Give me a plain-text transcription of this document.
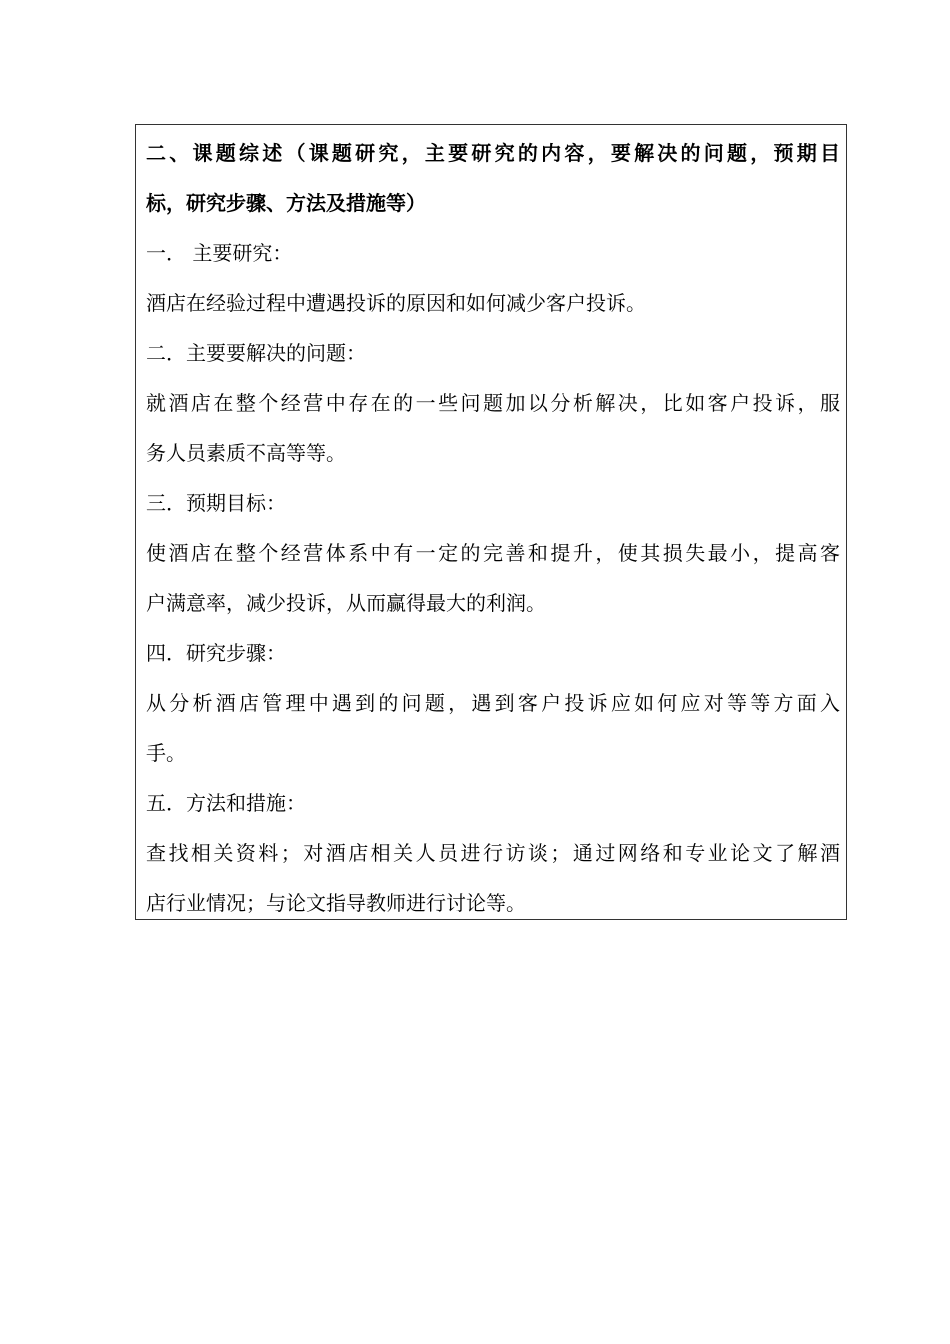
二、课题综述（课题研究，主要研究的内容，要解决的问题，预期目
标，研究步骤、方法及措施等）
一． 主要研究：
酒店在经验过程中遭遇投诉的原因和如何减少客户投诉。
二．主要要解决的问题：
就酒店在整个经营中存在的一些问题加以分析解决，比如客户投诉，服
务人员素质不高等等。
三．预期目标：
使酒店在整个经营体系中有一定的完善和提升，使其损失最小，提高客
户满意率，减少投诉，从而赢得最大的利润。
四．研究步骤：
从分析酒店管理中遇到的问题，遇到客户投诉应如何应对等等方面入
手。
五．方法和措施：
查找相关资料；对酒店相关人员进行访谈；通过网络和专业论文了解酒
店行业情况；与论文指导教师进行讨论等。
